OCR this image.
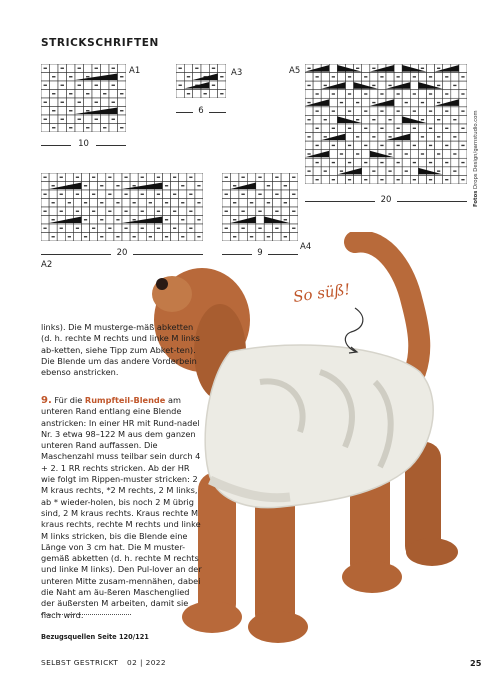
STRICKSCHRIFTEN
A1
10
A3
6
A5
20	Fotos Drops Design/garnstudio.com
A2
20
A4
9
So süß!
links). Die M musterge-mäß abketten (d. h. rechte M rechts und linke M links ab-ketten, siehe Tipp zum Abket-ten). Die Blende um das andere Vorderbein ebenso anstricken.
9. Für die Rumpfteil-Blende am unteren Rand entlang eine Blende anstricken: In einer HR mit Rund-nadel Nr. 3 etwa 98–122 M aus dem ganzen unteren Rand auffassen. Die Maschenzahl muss teilbar sein durch 4 + 2. 1 RR rechts stricken. Ab der HR wie folgt im Rippen-muster stricken: 2 M kraus rechts, *2 M rechts, 2 M links, ab * wieder-holen, bis noch 2 M übrig sind, 2 M kraus rechts. Kraus rechte M kraus rechts, rechte M rechts und linke M links stricken, bis die Blende eine Länge von 3 cm hat. Die M muster-gemäß abketten (d. h. rechte M rechts und linke M links). Den Pul-lover an der unteren Mitte zusam-mennähen, dabei die Naht am äu-ßeren Maschenglied der äußersten M arbeiten, damit sie flach wird.
Bezugsquellen Seite 120/121
SELBST GESTRICKT 02 | 2022	25
